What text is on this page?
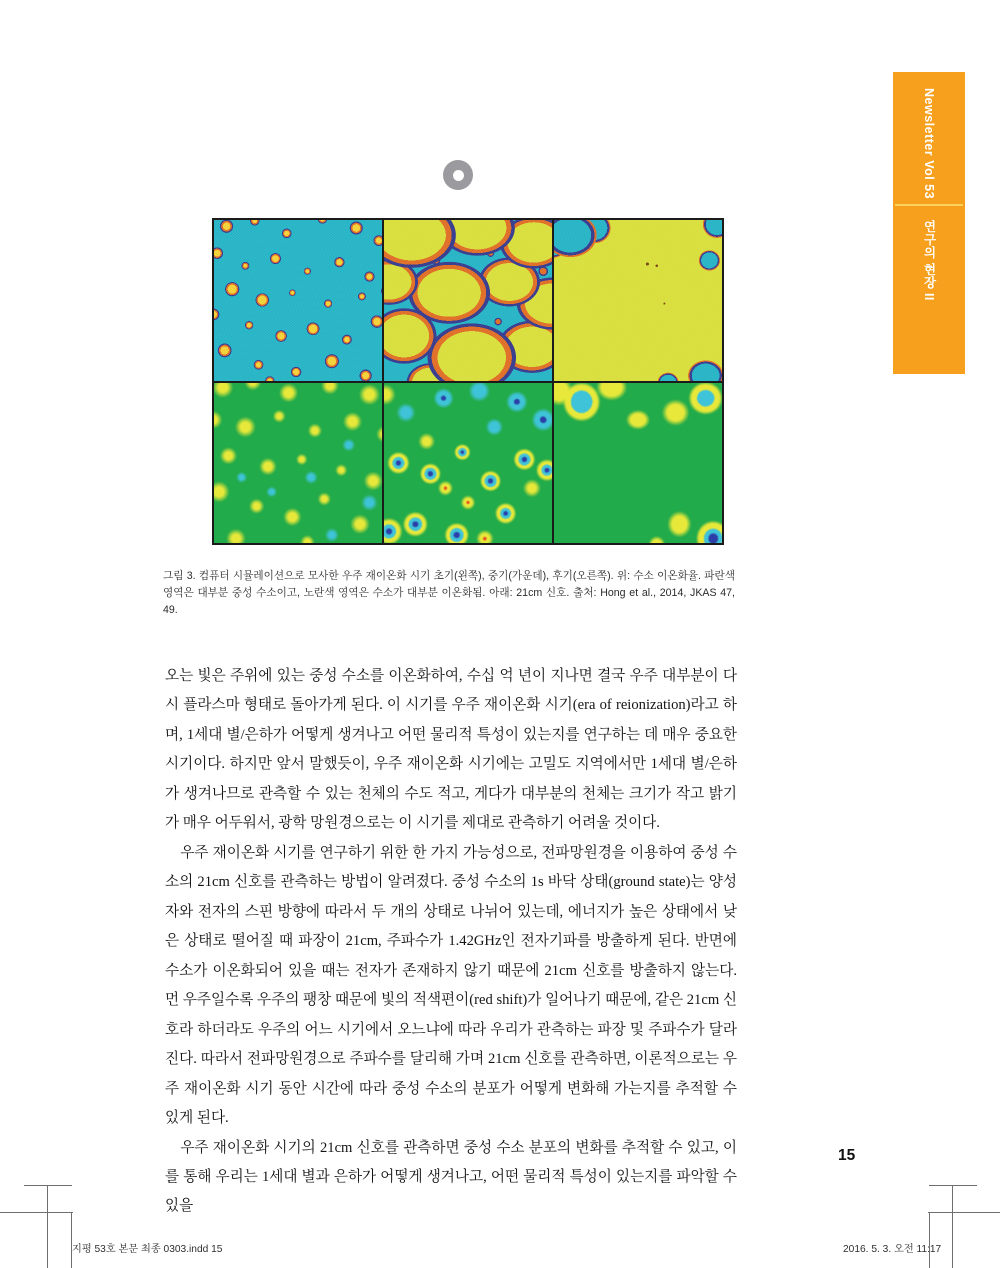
Newsletter Vol 53
연구의 현장 II
그림 3. 컴퓨터 시뮬레이션으로 모사한 우주 재이온화 시기 초기(왼쪽), 중기(가운데), 후기(오른쪽). 위: 수소 이온화율. 파란색 영역은 대부분 중성 수소이고, 노란색 영역은 수소가 대부분 이온화됨. 아래: 21cm 신호. 출처: Hong et al., 2014, JKAS 47, 49.

오는 빛은 주위에 있는 중성 수소를 이온화하여, 수십 억 년이 지나면 결국 우주 대부분이 다시 플라스마 형태로 돌아가게 된다. 이 시기를 우주 재이온화 시기(era of reionization)라고 하며, 1세대 별/은하가 어떻게 생겨나고 어떤 물리적 특성이 있는지를 연구하는 데 매우 중요한 시기이다. 하지만 앞서 말했듯이, 우주 재이온화 시기에는 고밀도 지역에서만 1세대 별/은하가 생겨나므로 관측할 수 있는 천체의 수도 적고, 게다가 대부분의 천체는 크기가 작고 밝기가 매우 어두워서, 광학 망원경으로는 이 시기를 제대로 관측하기 어려울 것이다.

우주 재이온화 시기를 연구하기 위한 한 가지 가능성으로, 전파망원경을 이용하여 중성 수소의 21cm 신호를 관측하는 방법이 알려졌다. 중성 수소의 1s 바닥 상태(ground state)는 양성자와 전자의 스핀 방향에 따라서 두 개의 상태로 나뉘어 있는데, 에너지가 높은 상태에서 낮은 상태로 떨어질 때 파장이 21cm, 주파수가 1.42GHz인 전자기파를 방출하게 된다. 반면에 수소가 이온화되어 있을 때는 전자가 존재하지 않기 때문에 21cm 신호를 방출하지 않는다. 먼 우주일수록 우주의 팽창 때문에 빛의 적색편이(red shift)가 일어나기 때문에, 같은 21cm 신호라 하더라도 우주의 어느 시기에서 오느냐에 따라 우리가 관측하는 파장 및 주파수가 달라진다. 따라서 전파망원경으로 주파수를 달리해 가며 21cm 신호를 관측하면, 이론적으로는 우주 재이온화 시기 동안 시간에 따라 중성 수소의 분포가 어떻게 변화해 가는지를 추적할 수 있게 된다.

우주 재이온화 시기의 21cm 신호를 관측하면 중성 수소 분포의 변화를 추적할 수 있고, 이를 통해 우리는 1세대 별과 은하가 어떻게 생겨나고, 어떤 물리적 특성이 있는지를 파악할 수 있을

15
지평 53호 본문 최종 0303.indd 15	2016. 5. 3. 오전 11:17
